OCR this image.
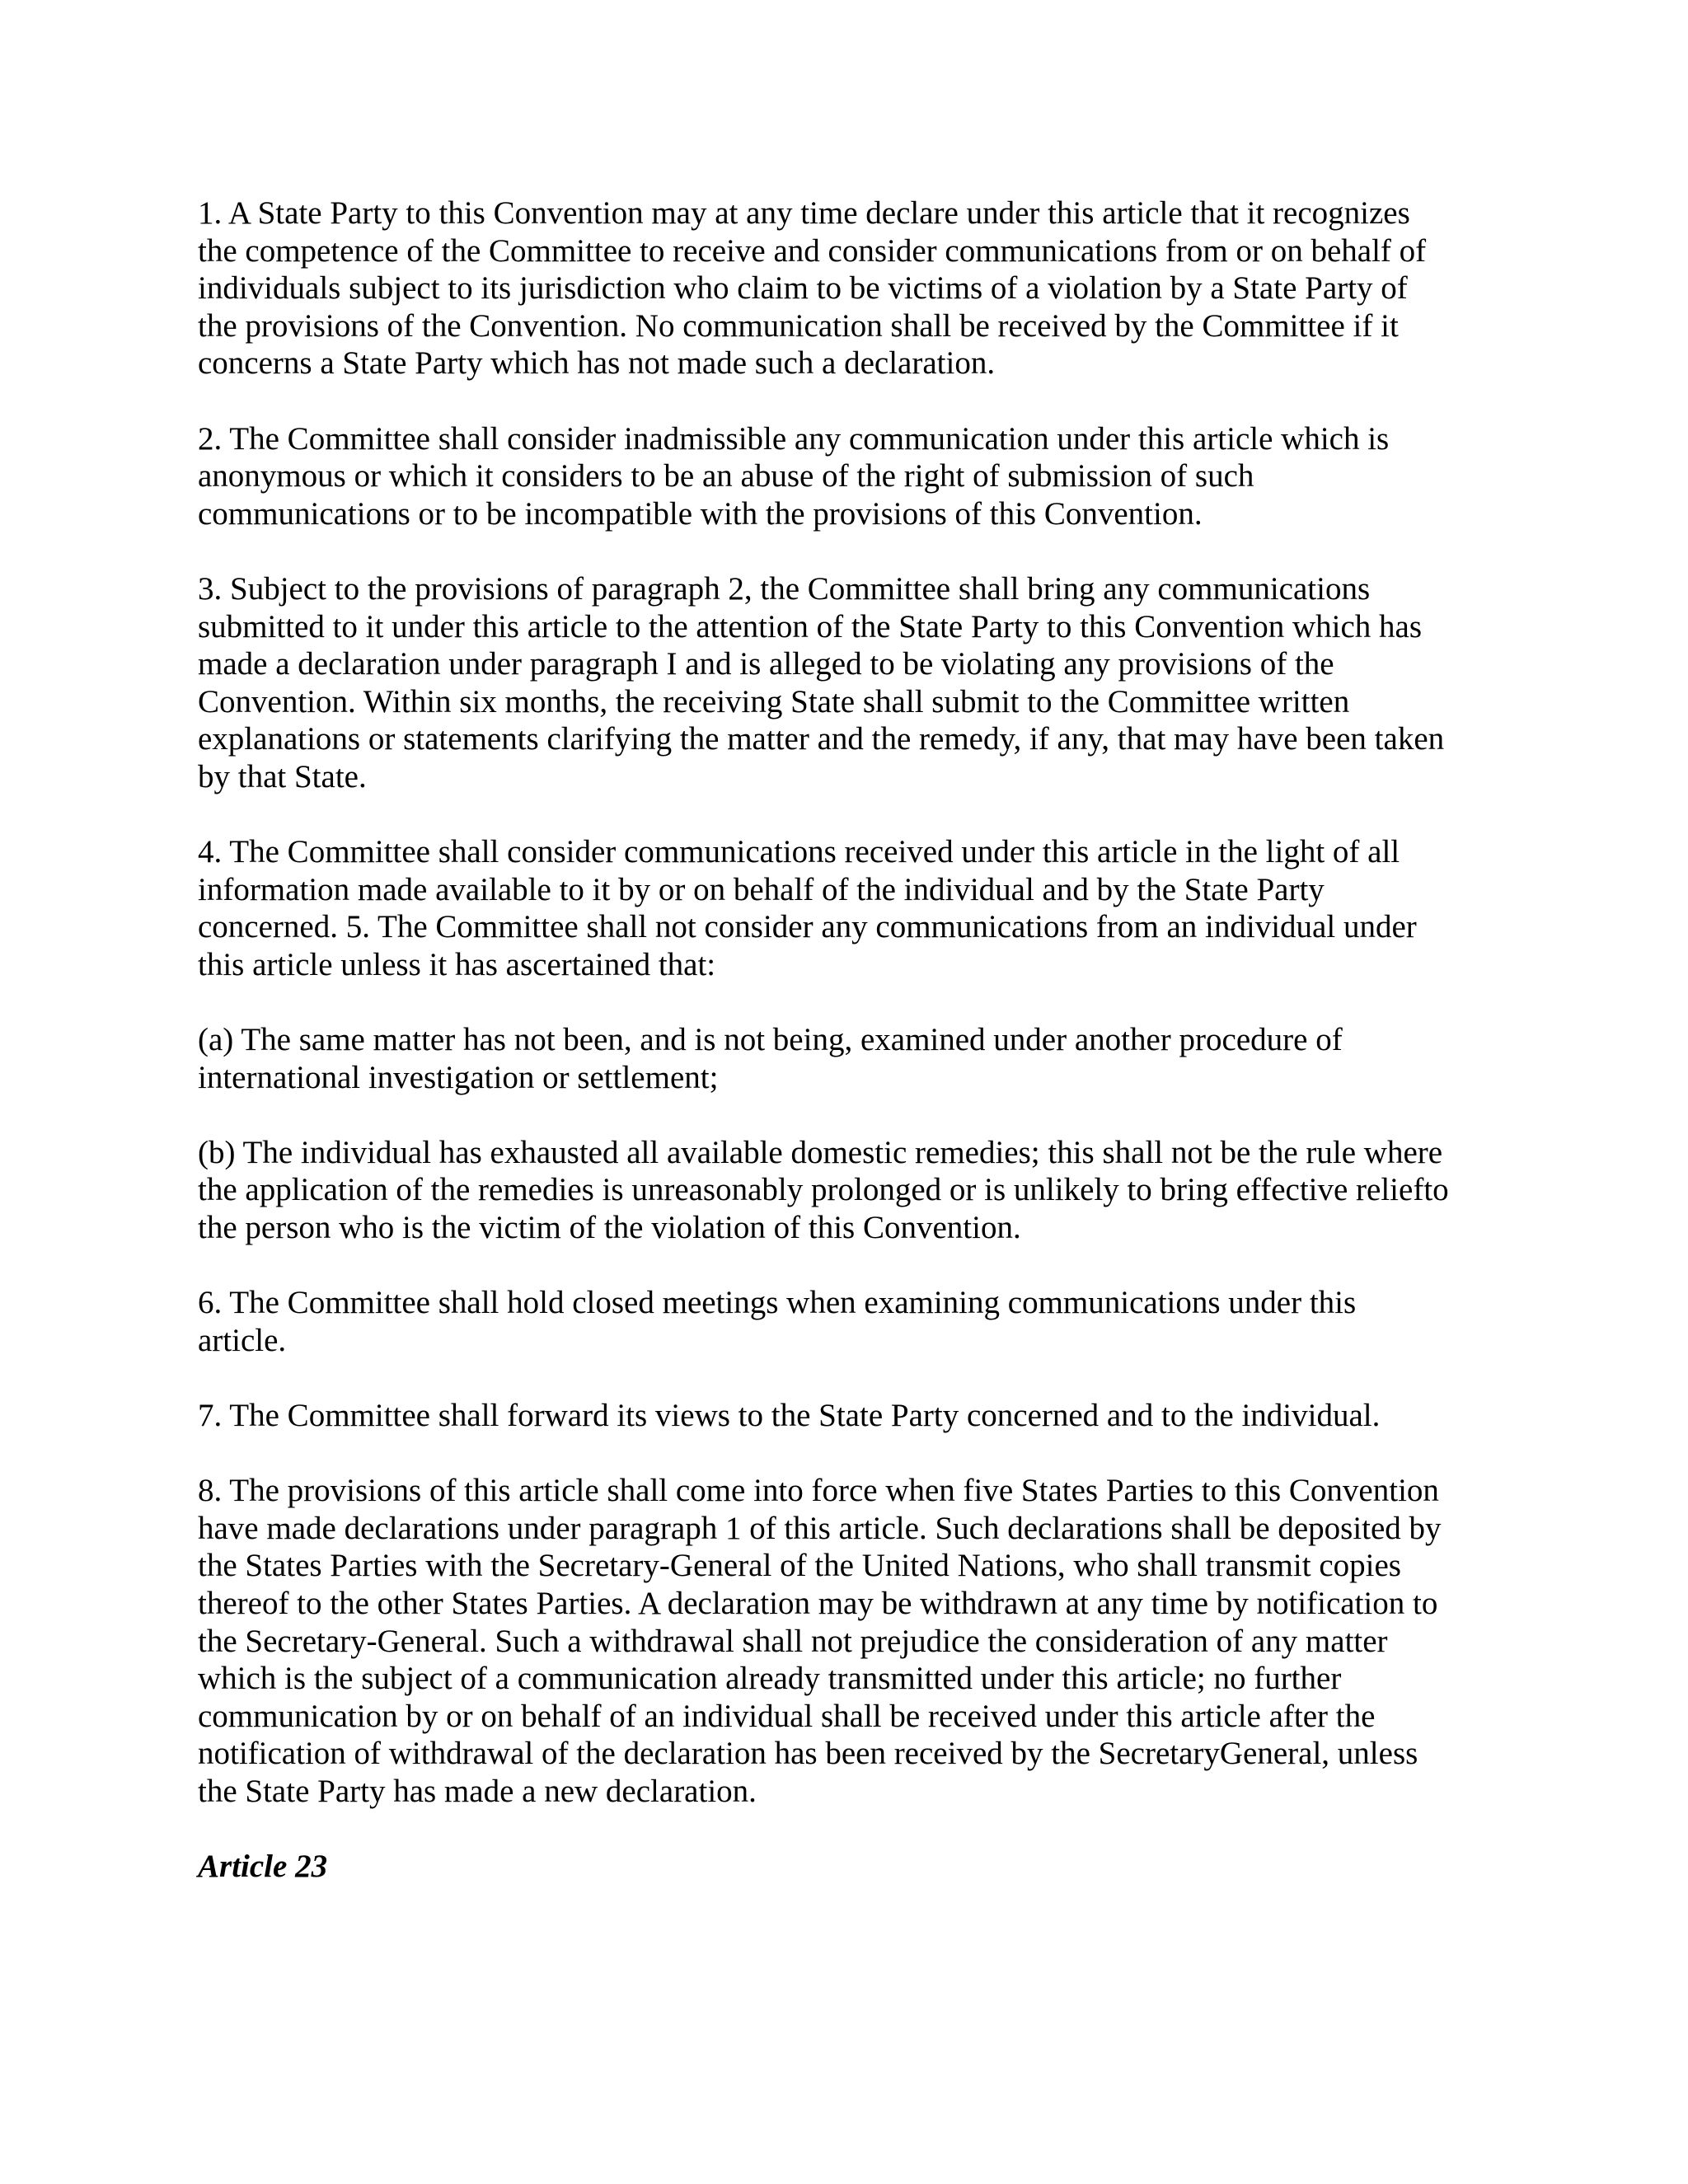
1. A State Party to this Convention may at any time declare under this article that it recognizes
the competence of the Committee to receive and consider communications from or on behalf of
individuals subject to its jurisdiction who claim to be victims of a violation by a State Party of
the provisions of the Convention. No communication shall be received by the Committee if it
concerns a State Party which has not made such a declaration.

2. The Committee shall consider inadmissible any communication under this article which is
anonymous or which it considers to be an abuse of the right of submission of such
communications or to be incompatible with the provisions of this Convention.

3. Subject to the provisions of paragraph 2, the Committee shall bring any communications
submitted to it under this article to the attention of the State Party to this Convention which has
made a declaration under paragraph I and is alleged to be violating any provisions of the
Convention. Within six months, the receiving State shall submit to the Committee written
explanations or statements clarifying the matter and the remedy, if any, that may have been taken
by that State.

4. The Committee shall consider communications received under this article in the light of all
information made available to it by or on behalf of the individual and by the State Party
concerned. 5. The Committee shall not consider any communications from an individual under
this article unless it has ascertained that:

(a) The same matter has not been, and is not being, examined under another procedure of
international investigation or settlement;

(b) The individual has exhausted all available domestic remedies; this shall not be the rule where
the application of the remedies is unreasonably prolonged or is unlikely to bring effective reliefto
the person who is the victim of the violation of this Convention.

6. The Committee shall hold closed meetings when examining communications under this
article.

7. The Committee shall forward its views to the State Party concerned and to the individual.

8. The provisions of this article shall come into force when five States Parties to this Convention
have made declarations under paragraph 1 of this article. Such declarations shall be deposited by
the States Parties with the Secretary-General of the United Nations, who shall transmit copies
thereof to the other States Parties. A declaration may be withdrawn at any time by notification to
the Secretary-General. Such a withdrawal shall not prejudice the consideration of any matter
which is the subject of a communication already transmitted under this article; no further
communication by or on behalf of an individual shall be received under this article after the
notification of withdrawal of the declaration has been received by the SecretaryGeneral, unless
the State Party has made a new declaration.

Article 23
